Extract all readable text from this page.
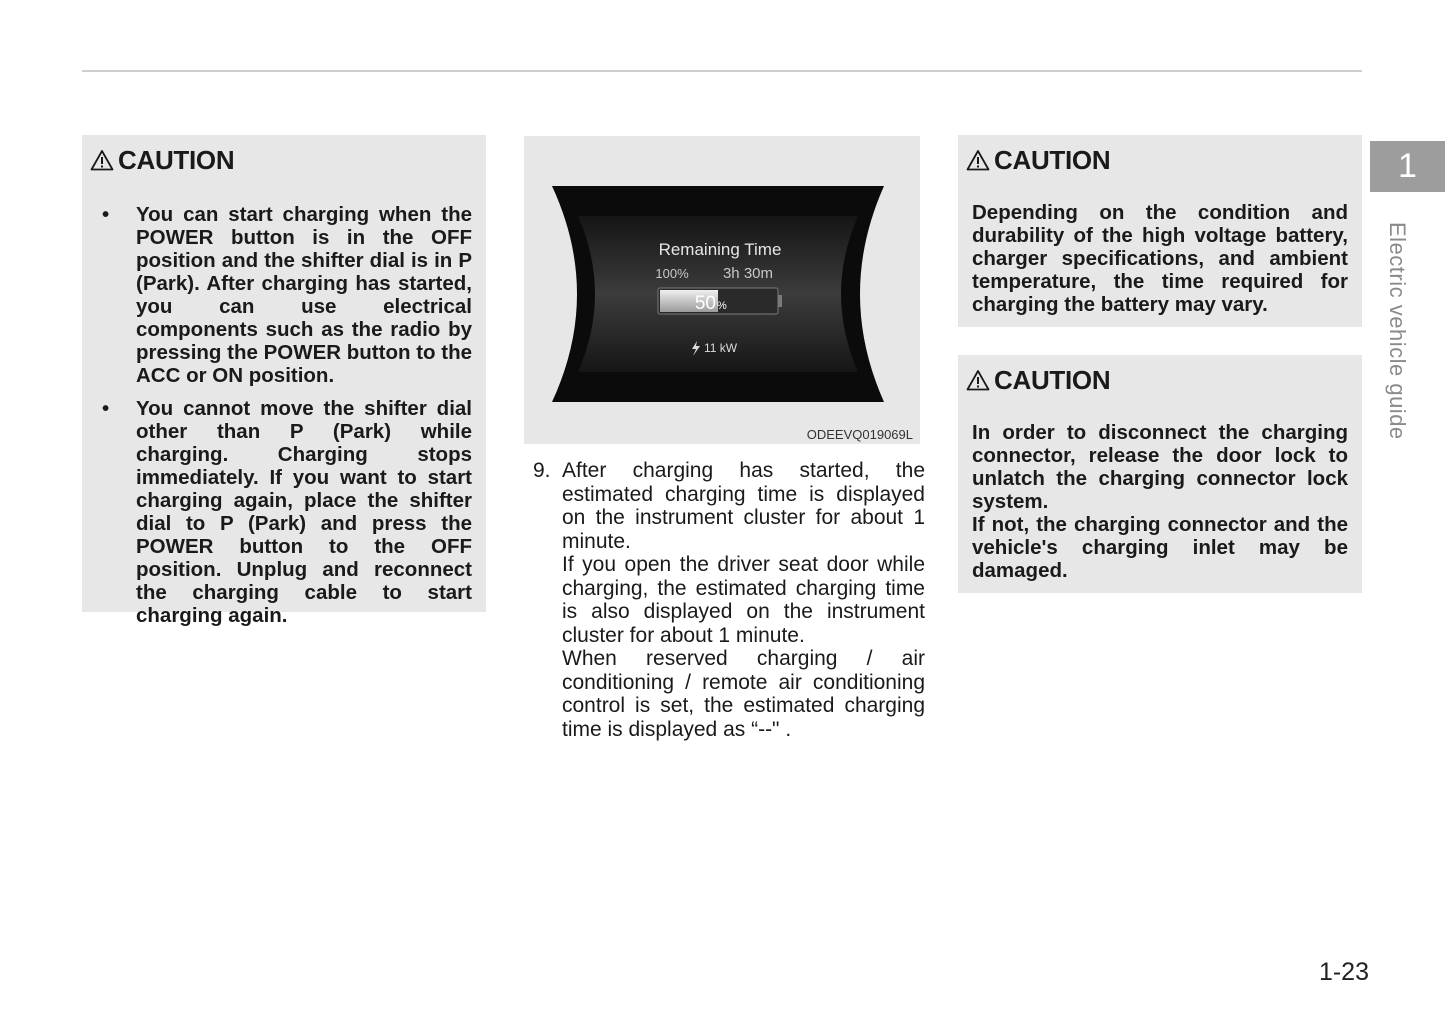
CAUTION
• You can start charging when the POWER button is in the OFF position and the shifter dial is in P (Park). After charging has started, you can use electrical components such as the radio by pressing the POWER button to the ACC or ON position.
• You cannot move the shifter dial other than P (Park) while charging. Charging stops immediately. If you want to start charging again, place the shifter dial to P (Park) and press the POWER button to the OFF position. Unplug and reconnect the charging cable to start charging again.
Remaining Time
100% 3h 30m
50 %
11 kW
ODEEVQ019069L
9. After charging has started, the estimated charging time is displayed on the instrument cluster for about 1 minute.

If you open the driver seat door while charging, the estimated charging time is also displayed on the instrument cluster for about 1 minute.

When reserved charging / air conditioning / remote air conditioning control is set, the estimated charging time is displayed as “--" .

CAUTION

Depending on the condition and durability of the high voltage battery, charger specifications, and ambient temperature, the time required for charging the battery may vary.

CAUTION

In order to disconnect the charging connector, release the door lock to unlatch the charging connector lock system.

If not, the charging connector and the vehicle's charging inlet may be damaged.

1
Electric vehicle guide
1-23
